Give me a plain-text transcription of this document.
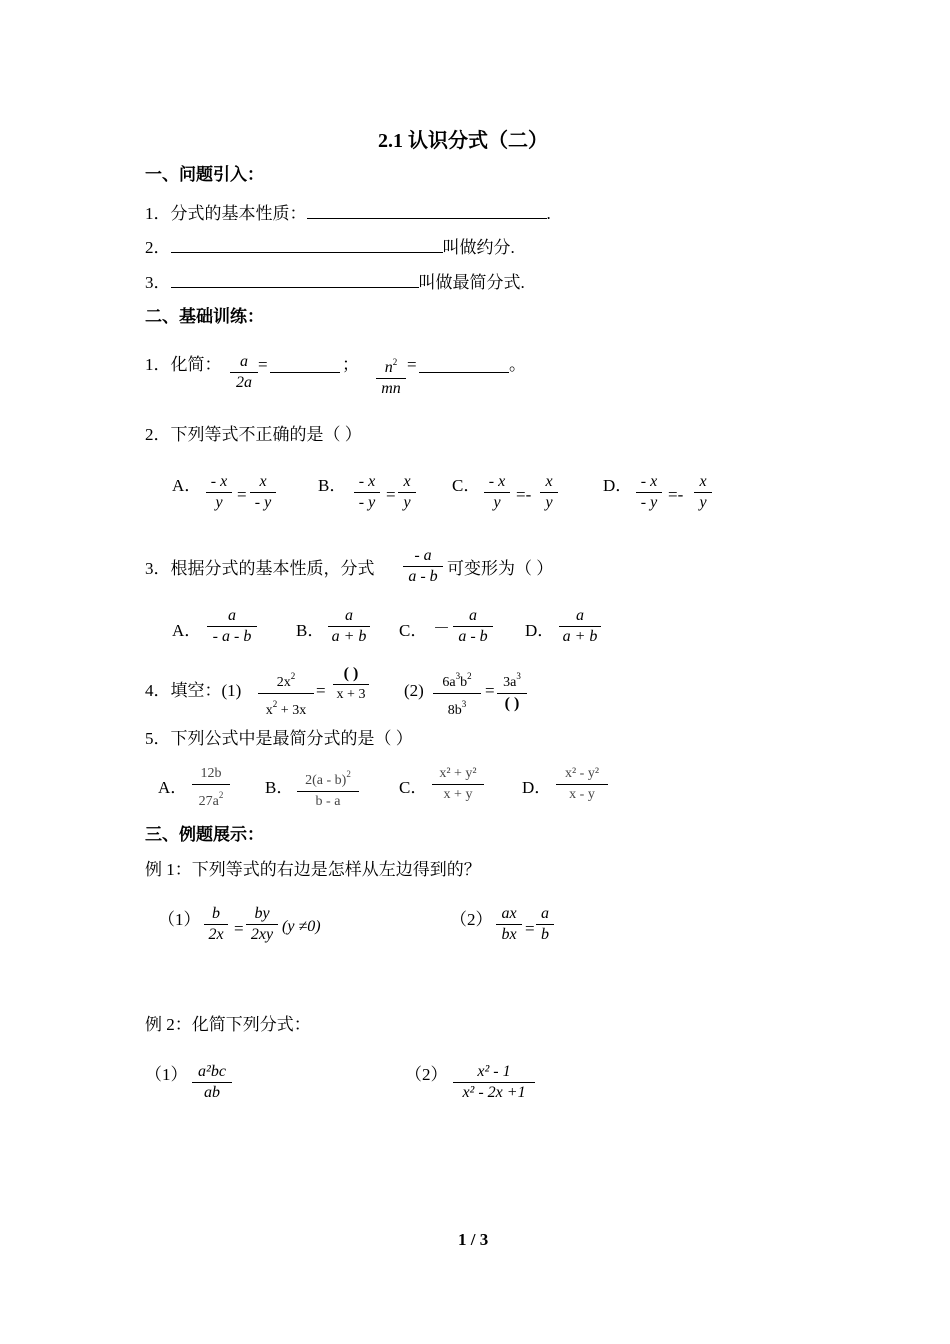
2.1 认识分式（二）
一、问题引入：
1．分式的基本性质：	.
2．	叫做约分.
3．	叫做最简分式.
二、基础训练：
1．化简： a
2a
=	； $n^2$
mn
=	。
2．下列等式不正确的是（ ）
A． - x
y =
x
- y
B． - x
- y =
x
y
C． - x
y =-
x
y
D． - x
- y =-
x
y
3．根据分式的基本性质，分式
- a
a - b 可变形为（ ）
A．
a
- a - b	B．
a
a + b C． －
a
a - b D．
a
a + b
4．填空：(1)	$2x^2$
$x^2 + 3x$
=
( )
x + 3 (2) $6a^3b^2$
$8b^3$
= $3a^3$
( )
5．下列公式中是最简分式的是（ ）
A．
12b
$27a^2$ B． 2(a - b)$^2$
b - a
C．
x² + y²
x + y	D．
x² - y²
x - y
三、例题展示：
例 1：下列等式的右边是怎样从左边得到的？
（1） b
2x =
by
2xy (y ≠0)	（2） ax
bx =
a
b
例 2：化简下列分式：
（1） a²bc
ab
（2） x² - 1
x² - 2x +1
1 / 3
